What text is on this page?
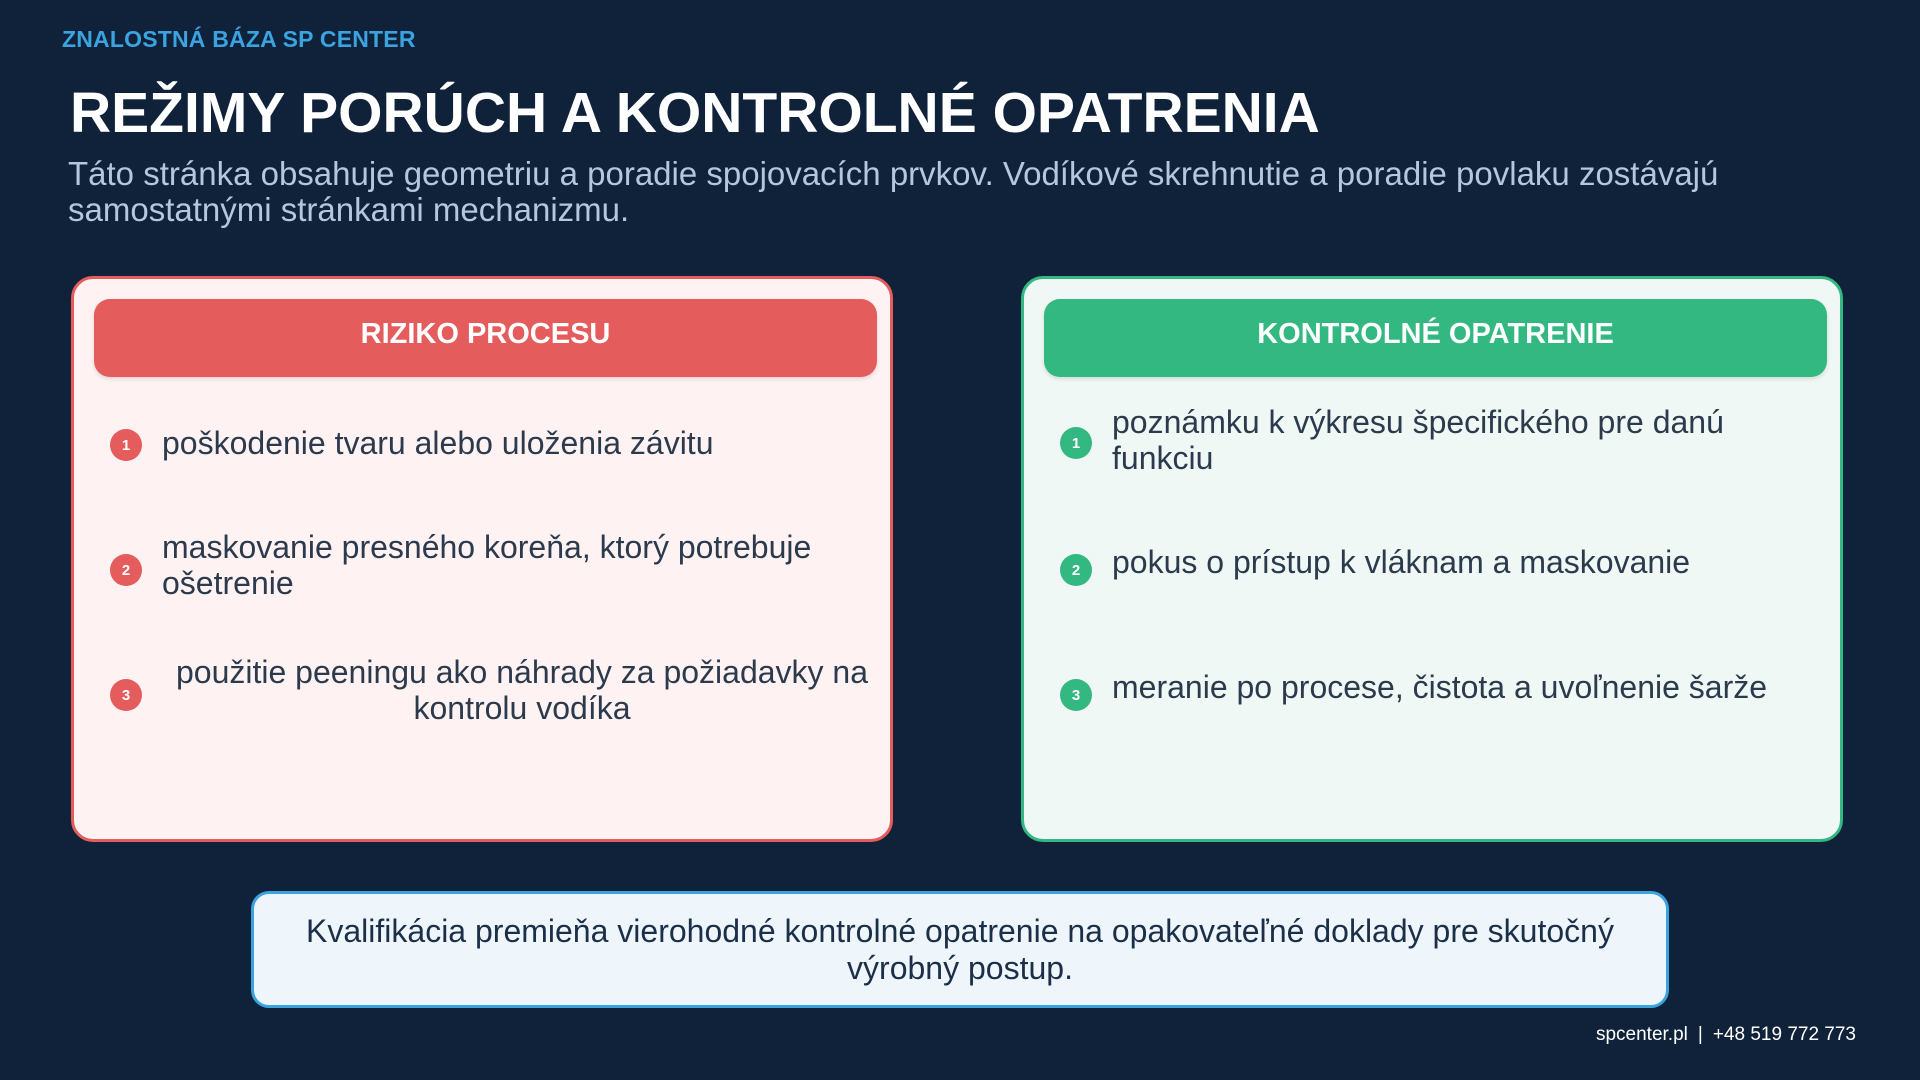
ZNALOSTNÁ BÁZA SP CENTER
REŽIMY PORÚCH A KONTROLNÉ OPATRENIA
Táto stránka obsahuje geometriu a poradie spojovacích prvkov. Vodíkové skrehnutie a poradie povlaku zostávajú samostatnými stránkami mechanizmu.
RIZIKO PROCESU
1 poškodenie tvaru alebo uloženia závitu
2
maskovanie presného koreňa, ktorý potrebuje ošetrenie
3
použitie peeningu ako náhrady za požiadavky na kontrolu vodíka
KONTROLNÉ OPATRENIE
1
poznámku k výkresu špecifického pre danú funkciu
2 pokus o prístup k vláknam a maskovanie
3 meranie po procese, čistota a uvoľnenie šarže
Kvalifikácia premieňa vierohodné kontrolné opatrenie na opakovateľné doklady pre skutočný výrobný postup.
spcenter.pl | +48 519 772 773
